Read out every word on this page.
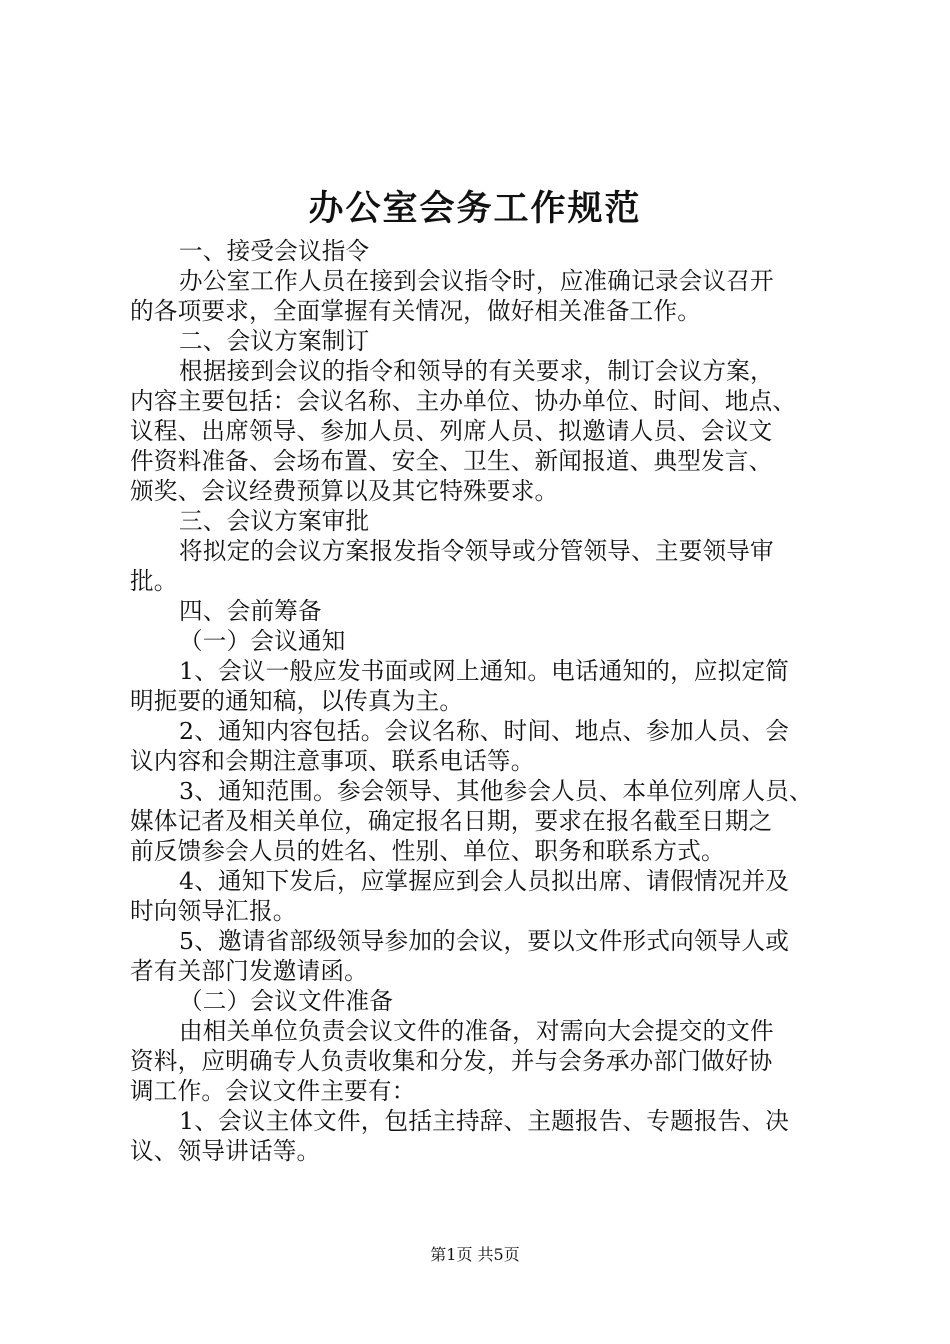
办公室会务工作规范
一、接受会议指令
办公室工作人员在接到会议指令时，应准确记录会议召开
的各项要求，全面掌握有关情况，做好相关准备工作。
二、会议方案制订
根据接到会议的指令和领导的有关要求，制订会议方案，
内容主要包括：会议名称、主办单位、协办单位、时间、地点、
议程、出席领导、参加人员、列席人员、拟邀请人员、会议文
件资料准备、会场布置、安全、卫生、新闻报道、典型发言、
颁奖、会议经费预算以及其它特殊要求。
三、会议方案审批
将拟定的会议方案报发指令领导或分管领导、主要领导审
批。
四、会前筹备
（一）会议通知
1、会议一般应发书面或网上通知。电话通知的，应拟定简
明扼要的通知稿，以传真为主。
2、通知内容包括。会议名称、时间、地点、参加人员、会
议内容和会期注意事项、联系电话等。
3、通知范围。参会领导、其他参会人员、本单位列席人员、
媒体记者及相关单位，确定报名日期，要求在报名截至日期之
前反馈参会人员的姓名、性别、单位、职务和联系方式。
4、通知下发后，应掌握应到会人员拟出席、请假情况并及
时向领导汇报。
5、邀请省部级领导参加的会议，要以文件形式向领导人或
者有关部门发邀请函。
（二）会议文件准备
由相关单位负责会议文件的准备，对需向大会提交的文件
资料，应明确专人负责收集和分发，并与会务承办部门做好协
调工作。会议文件主要有：
1、会议主体文件，包括主持辞、主题报告、专题报告、决
议、领导讲话等。
第1页 共5页
